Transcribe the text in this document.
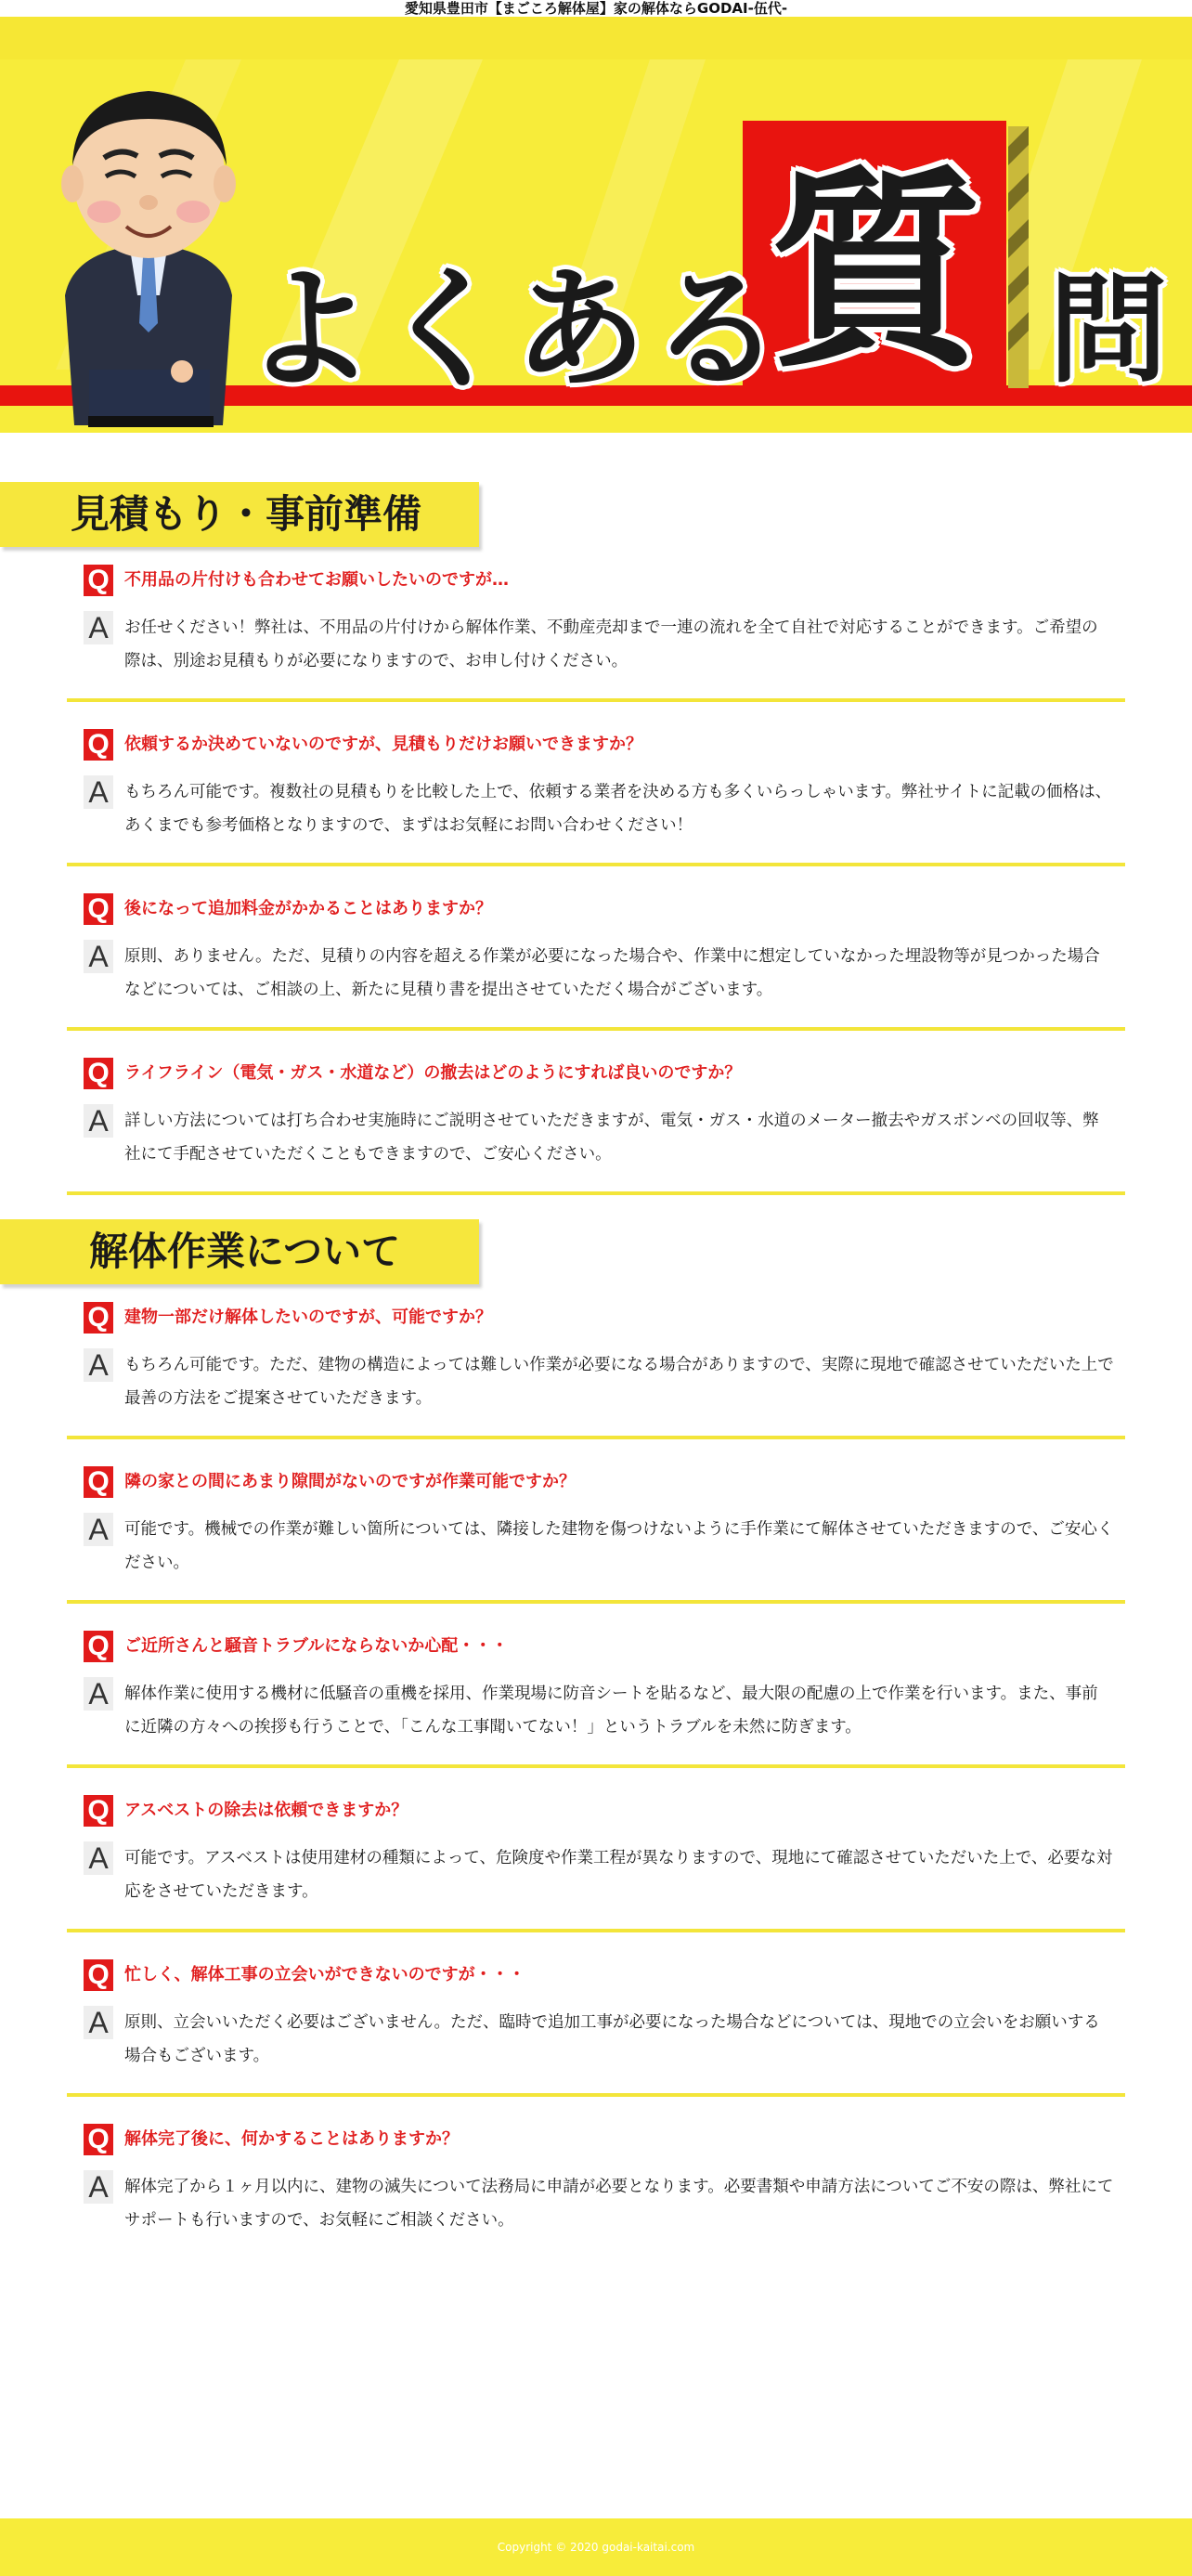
愛知県豊田市【まごころ解体屋】家の解体ならGODAI-伍代-
よくある
質 問
見積もり・事前準備
Q 不用品の片付けも合わせてお願いしたいのですが…
A お任せください！弊社は、不用品の片付けから解体作業、不動産売却まで一連の流れを全て自社で対応することができます。ご希望の際は、別途お見積もりが必要になりますので、お申し付けください。
Q 依頼するか決めていないのですが、見積もりだけお願いできますか？
A もちろん可能です。複数社の見積もりを比較した上で、依頼する業者を決める方も多くいらっしゃいます。弊社サイトに記載の価格は、あくまでも参考価格となりますので、まずはお気軽にお問い合わせください！
Q 後になって追加料金がかかることはありますか？
A 原則、ありません。ただ、見積りの内容を超える作業が必要になった場合や、作業中に想定していなかった埋設物等が見つかった場合などについては、ご相談の上、新たに見積り書を提出させていただく場合がございます。
Q ライフライン（電気・ガス・水道など）の撤去はどのようにすれば良いのですか？
A 詳しい方法については打ち合わせ実施時にご説明させていただきますが、電気・ガス・水道のメーター撤去やガスボンベの回収等、弊社にて手配させていただくこともできますので、ご安心ください。
解体作業について
Q 建物一部だけ解体したいのですが、可能ですか？
A もちろん可能です。ただ、建物の構造によっては難しい作業が必要になる場合がありますので、実際に現地で確認させていただいた上で最善の方法をご提案させていただきます。
Q 隣の家との間にあまり隙間がないのですが作業可能ですか？
A 可能です。機械での作業が難しい箇所については、隣接した建物を傷つけないように手作業にて解体させていただきますので、ご安心ください。
Q ご近所さんと騒音トラブルにならないか心配・・・
A 解体作業に使用する機材に低騒音の重機を採用、作業現場に防音シートを貼るなど、最大限の配慮の上で作業を行います。また、事前に近隣の方々への挨拶も行うことで、「こんな工事聞いてない！」というトラブルを未然に防ぎます。
Q アスベストの除去は依頼できますか？
A 可能です。アスベストは使用建材の種類によって、危険度や作業工程が異なりますので、現地にて確認させていただいた上で、必要な対応をさせていただきます。
Q 忙しく、解体工事の立会いができないのですが・・・
A 原則、立会いいただく必要はございません。ただ、臨時で追加工事が必要になった場合などについては、現地での立会いをお願いする場合もございます。
Q 解体完了後に、何かすることはありますか？
A 解体完了から１ヶ月以内に、建物の滅失について法務局に申請が必要となります。必要書類や申請方法についてご不安の際は、弊社にてサポートも行いますので、お気軽にご相談ください。
Copyright © 2020 godai-kaitai.com
